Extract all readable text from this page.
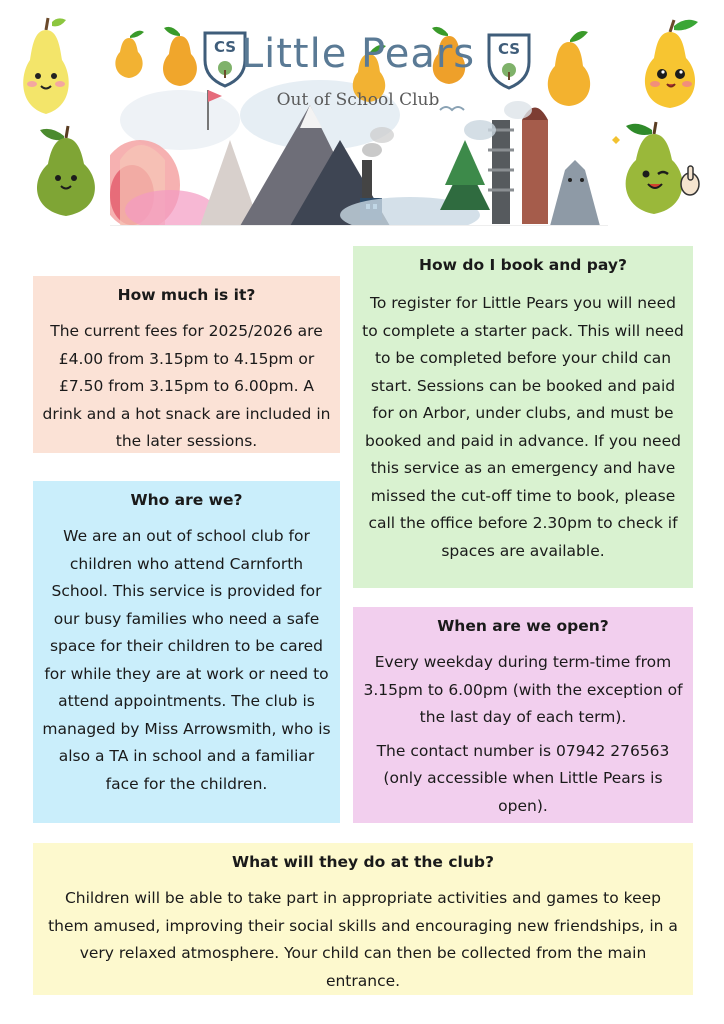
CS	CS
Little Pears
Out of School Club
How much is it?

The current fees for 2025/2026 are £4.00 from 3.15pm to 4.15pm or £7.50 from 3.15pm to 6.00pm. A drink and a hot snack are included in the later sessions.

Who are we?

We are an out of school club for children who attend Carnforth School. This service is provided for our busy families who need a safe space for their children to be cared for while they are at work or need to attend appointments. The club is managed by Miss Arrowsmith, who is also a TA in school and a familiar face for the children.

How do I book and pay?

To register for Little Pears you will need to complete a starter pack. This will need to be completed before your child can start. Sessions can be booked and paid for on Arbor, under clubs, and must be booked and paid in advance. If you need this service as an emergency and have missed the cut-off time to book, please call the office before 2.30pm to check if spaces are available.

When are we open?

Every weekday during term-time from 3.15pm to 6.00pm (with the exception of the last day of each term).

The contact number is 07942 276563 (only accessible when Little Pears is open).

What will they do at the club?

Children will be able to take part in appropriate activities and games to keep them amused, improving their social skills and encouraging new friendships, in a very relaxed atmosphere. Your child can then be collected from the main entrance.
